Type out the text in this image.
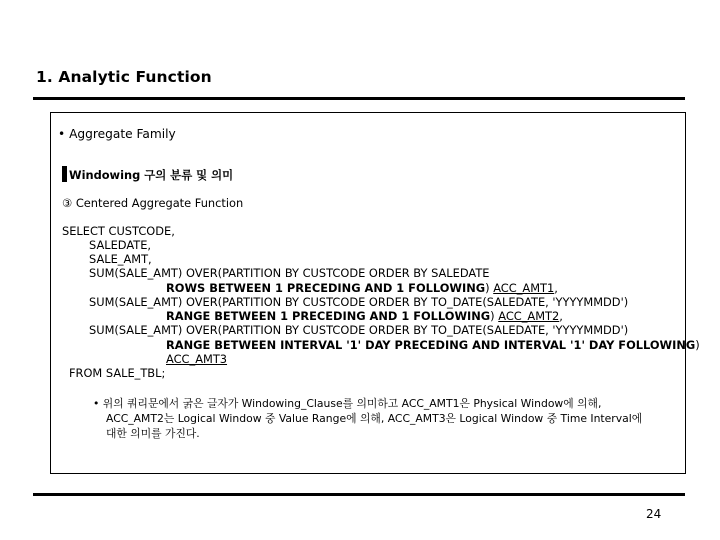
1. Analytic Function
• Aggregate Family
Windowing 구의 분류 및 의미
③ Centered Aggregate Function
SELECT CUSTCODE,
SALEDATE,
SALE_AMT,
SUM(SALE_AMT) OVER(PARTITION BY CUSTCODE ORDER BY SALEDATE
ROWS BETWEEN 1 PRECEDING AND 1 FOLLOWING) ACC_AMT1,
SUM(SALE_AMT) OVER(PARTITION BY CUSTCODE ORDER BY TO_DATE(SALEDATE, 'YYYYMMDD')
RANGE BETWEEN 1 PRECEDING AND 1 FOLLOWING) ACC_AMT2,
SUM(SALE_AMT) OVER(PARTITION BY CUSTCODE ORDER BY TO_DATE(SALEDATE, 'YYYYMMDD')
RANGE BETWEEN INTERVAL '1' DAY PRECEDING AND INTERVAL '1' DAY FOLLOWING)
ACC_AMT3
FROM SALE_TBL;
• 위의 쿼리문에서 굵은 글자가 Windowing_Clause를 의미하고 ACC_AMT1은 Physical Window에 의해,
ACC_AMT2는 Logical Window 중 Value Range에 의해, ACC_AMT3은 Logical Window 중 Time Interval에
대한 의미를 가진다.
24
